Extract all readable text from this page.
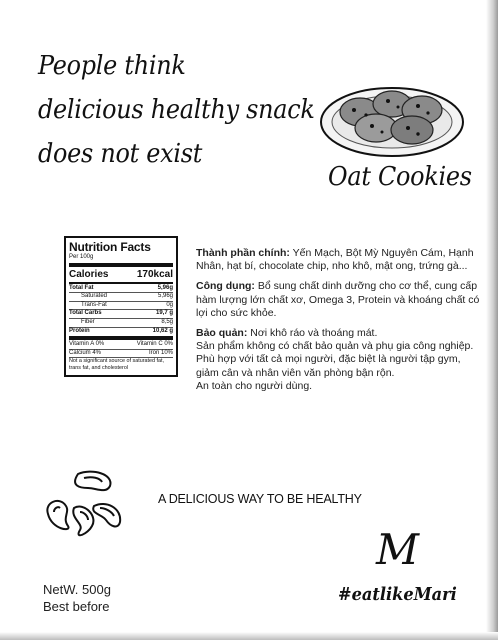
People think
delicious healthy snack
does not exist
Oat Cookies
Nutrition Facts
Per 100g
Calories	170kcal
Total Fat	5,96g
Saturated	5,96g
Trans-Fat	0g
Total Carbs	19,7 g
Fiber	8,5g
Protein	10,62 g
Vitamin A 0%	Vitamin C 0%
Calcium 4%	Iron 10%
Not a significant source of saturated fat, trans fat, and cholesterol

Thành phần chính: Yến Mạch, Bột Mỳ Nguyên Cám, Hạnh Nhân, hạt bí, chocolate chip, nho khô, mật ong, trứng gà...

Công dụng: Bổ sung chất dinh dưỡng cho cơ thể, cung cấp hàm lượng lớn chất xơ, Omega 3, Protein và khoáng chất có lợi cho sức khỏe.

Bảo quản: Nơi khô ráo và thoáng mát.

Sản phẩm không có chất bảo quản và phụ gia công nghiệp. Phù hợp với tất cả mọi người, đặc biệt là người tập gym, giảm cân và nhân viên văn phòng bận rộn.
An toàn cho người dùng.
A DELICIOUS WAY TO BE HEALTHY
M
#eatlikeMari
NetW. 500g
Best before
